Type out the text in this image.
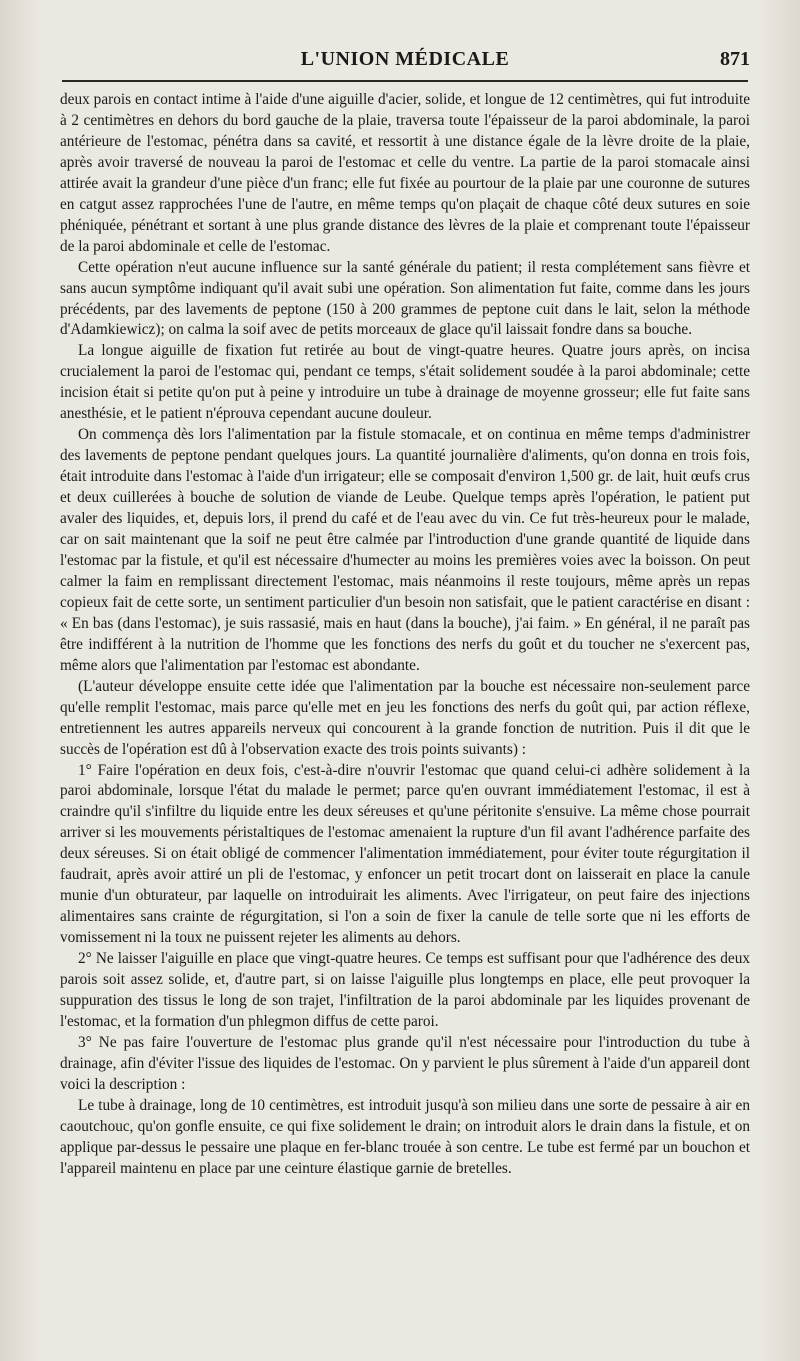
L'UNION MÉDICALE	871

deux parois en contact intime à l'aide d'une aiguille d'acier, solide, et longue de 12 centimètres, qui fut introduite à 2 centimètres en dehors du bord gauche de la plaie, traversa toute l'épaisseur de la paroi abdominale, la paroi antérieure de l'estomac, pénétra dans sa cavité, et ressortit à une distance égale de la lèvre droite de la plaie, après avoir traversé de nouveau la paroi de l'estomac et celle du ventre. La partie de la paroi stomacale ainsi attirée avait la grandeur d'une pièce d'un franc; elle fut fixée au pourtour de la plaie par une couronne de sutures en catgut assez rapprochées l'une de l'autre, en même temps qu'on plaçait de chaque côté deux sutures en soie phéniquée, pénétrant et sortant à une plus grande distance des lèvres de la plaie et comprenant toute l'épaisseur de la paroi abdominale et celle de l'estomac.

Cette opération n'eut aucune influence sur la santé générale du patient; il resta complétement sans fièvre et sans aucun symptôme indiquant qu'il avait subi une opération. Son alimentation fut faite, comme dans les jours précédents, par des lavements de peptone (150 à 200 grammes de peptone cuit dans le lait, selon la méthode d'Adamkiewicz); on calma la soif avec de petits morceaux de glace qu'il laissait fondre dans sa bouche.

La longue aiguille de fixation fut retirée au bout de vingt-quatre heures. Quatre jours après, on incisa crucialement la paroi de l'estomac qui, pendant ce temps, s'était solidement soudée à la paroi abdominale; cette incision était si petite qu'on put à peine y introduire un tube à drainage de moyenne grosseur; elle fut faite sans anesthésie, et le patient n'éprouva cependant aucune douleur.

On commença dès lors l'alimentation par la fistule stomacale, et on continua en même temps d'administrer des lavements de peptone pendant quelques jours. La quantité journalière d'aliments, qu'on donna en trois fois, était introduite dans l'estomac à l'aide d'un irrigateur; elle se composait d'environ 1,500 gr. de lait, huit œufs crus et deux cuillerées à bouche de solution de viande de Leube. Quelque temps après l'opération, le patient put avaler des liquides, et, depuis lors, il prend du café et de l'eau avec du vin. Ce fut très-heureux pour le malade, car on sait maintenant que la soif ne peut être calmée par l'introduction d'une grande quantité de liquide dans l'estomac par la fistule, et qu'il est nécessaire d'humecter au moins les premières voies avec la boisson. On peut calmer la faim en remplissant directement l'estomac, mais néanmoins il reste toujours, même après un repas copieux fait de cette sorte, un sentiment particulier d'un besoin non satisfait, que le patient caractérise en disant : « En bas (dans l'estomac), je suis rassasié, mais en haut (dans la bouche), j'ai faim. » En général, il ne paraît pas être indifférent à la nutrition de l'homme que les fonctions des nerfs du goût et du toucher ne s'exercent pas, même alors que l'alimentation par l'estomac est abondante.

(L'auteur développe ensuite cette idée que l'alimentation par la bouche est nécessaire non-seulement parce qu'elle remplit l'estomac, mais parce qu'elle met en jeu les fonctions des nerfs du goût qui, par action réflexe, entretiennent les autres appareils nerveux qui concourent à la grande fonction de nutrition. Puis il dit que le succès de l'opération est dû à l'observation exacte des trois points suivants) :

1° Faire l'opération en deux fois, c'est-à-dire n'ouvrir l'estomac que quand celui-ci adhère solidement à la paroi abdominale, lorsque l'état du malade le permet; parce qu'en ouvrant immédiatement l'estomac, il est à craindre qu'il s'infiltre du liquide entre les deux séreuses et qu'une péritonite s'ensuive. La même chose pourrait arriver si les mouvements péristaltiques de l'estomac amenaient la rupture d'un fil avant l'adhérence parfaite des deux séreuses. Si on était obligé de commencer l'alimentation immédiatement, pour éviter toute régurgitation il faudrait, après avoir attiré un pli de l'estomac, y enfoncer un petit trocart dont on laisserait en place la canule munie d'un obturateur, par laquelle on introduirait les aliments. Avec l'irrigateur, on peut faire des injections alimentaires sans crainte de régurgitation, si l'on a soin de fixer la canule de telle sorte que ni les efforts de vomissement ni la toux ne puissent rejeter les aliments au dehors.

2° Ne laisser l'aiguille en place que vingt-quatre heures. Ce temps est suffisant pour que l'adhérence des deux parois soit assez solide, et, d'autre part, si on laisse l'aiguille plus longtemps en place, elle peut provoquer la suppuration des tissus le long de son trajet, l'infiltration de la paroi abdominale par les liquides provenant de l'estomac, et la formation d'un phlegmon diffus de cette paroi.

3° Ne pas faire l'ouverture de l'estomac plus grande qu'il n'est nécessaire pour l'introduction du tube à drainage, afin d'éviter l'issue des liquides de l'estomac. On y parvient le plus sûrement à l'aide d'un appareil dont voici la description :

Le tube à drainage, long de 10 centimètres, est introduit jusqu'à son milieu dans une sorte de pessaire à air en caoutchouc, qu'on gonfle ensuite, ce qui fixe solidement le drain; on introduit alors le drain dans la fistule, et on applique par-dessus le pessaire une plaque en fer-blanc trouée à son centre. Le tube est fermé par un bouchon et l'appareil maintenu en place par une ceinture élastique garnie de bretelles.
